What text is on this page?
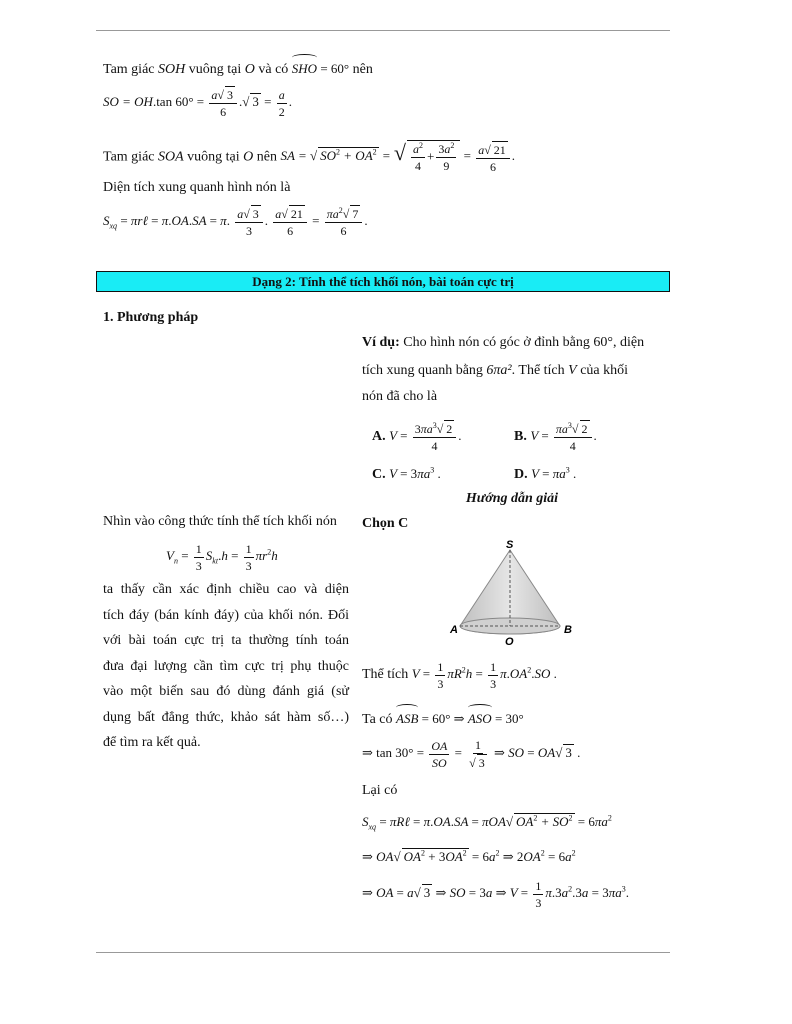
Tam giác SOH vuông tại O và có SHO = 60° nên
SO = OH.tan $60^\circ = \frac{a√ 3}{6}$ .√ $3 = \frac{a}{2}$ .
Tam giác SOA vuông tại O nên SA = √ $SO^2 + OA^2$ = √ $\frac{a^2}{4} + \frac{3a^2}{9} = \frac{a√ 21}{6}$ .
Diện tích xung quanh hình nón là
$S_{xq}$ = πrℓ = π.OA.SA = π. $\frac{a√ 3}{3}$ . $\frac{a√ 21}{6} = \frac{\pi a^2√ 7}{6}$ .
Dạng 2: Tính thể tích khối nón, bài toán cực trị
1. Phương pháp
Ví dụ: Cho hình nón có góc ở đỉnh bằng 60°, diện
tích xung quanh bằng 6πa². Thể tích V của khối
nón đã cho là
A. $V = \frac{3\pi a^3√ 2}{4}$ .	B. $V = \frac{\pi a^3√ 2}{4}$ .
C. $V = 3\pi a^3$ .	D. $V = \pi a^3$ .
Hướng dẫn giải
Nhìn vào công thức tính thể tích khối nón
$V_n = \frac{1}{3} S_{kt}.h = \frac{1}{3} \pi r^2h$
ta thấy cần xác định chiều cao và diện
tích đáy (bán kính đáy) của khối nón. Đối
với bài toán cực trị ta thường tính toán
đưa đại lượng cần tìm cực trị phụ thuộc
vào một biến sau đó dùng đánh giá (sử
dụng bất đẳng thức, khảo sát hàm số…)
để tìm ra kết quả.
Chọn C
S
A
O
B
Thể tích $V = \frac{1}{3} \pi R^2h = \frac{1}{3} \pi.OA^2.SO$ .
Ta có ASB = 60° ⇒ ASO = 30°
⇒ $\tan 30^\circ = \frac{OA}{SO} = \frac{1}{√ 3}$ ⇒ SO = OA√ 3 .
Lại có
$S_{xq}$ = πRℓ = π.OA.SA = πOA√ $OA^2 + SO^2 = 6\pi a^2$
⇒ OA√ $OA^2 + 3OA^2 = 6a^2$ ⇒ $2OA^2 = 6a^2$
⇒ OA = a√ 3 ⇒ SO = 3a ⇒ $V = \frac{1}{3} \pi.3a^2.3a = 3\pi a^3$.
